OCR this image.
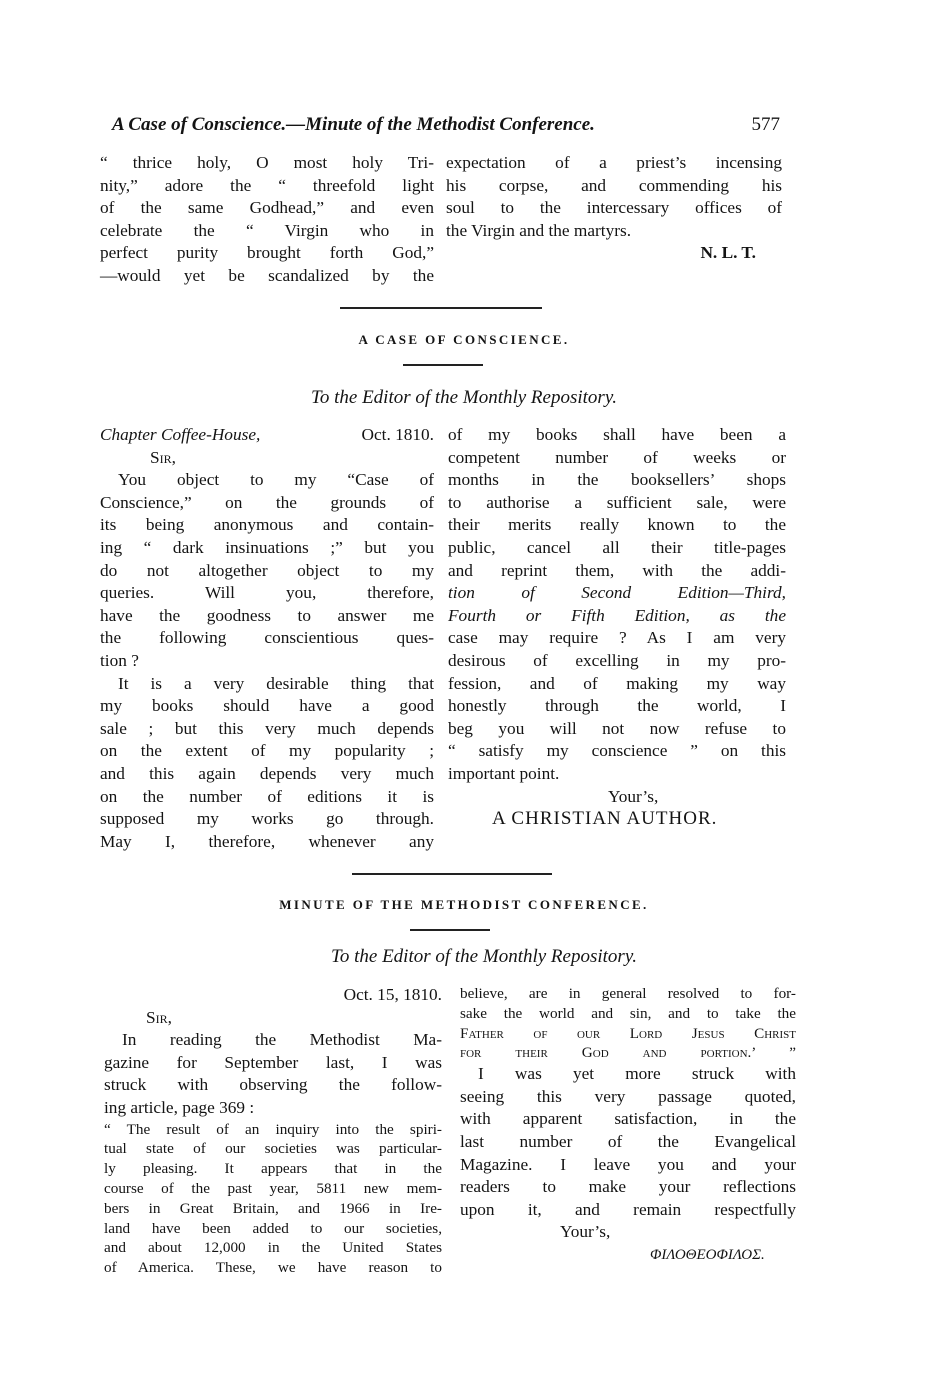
A Case of Conscience.—Minute of the Methodist Conference.	577
“ thrice holy, O most holy Tri-
nity,” adore the “ threefold light
of the same Godhead,” and even
celebrate the “ Virgin who in
perfect purity brought forth God,”
—would yet be scandalized by the
expectation of a priest’s incensing
his corpse, and commending his
soul to the intercessary offices of
the Virgin and the martyrs.
N. L. T.
A CASE OF CONSCIENCE.
To the Editor of the Monthly Repository.
Chapter Coffee-House,	Oct. 1810.
Sir,
You object to my “Case of
Conscience,” on the grounds of
its being anonymous and contain-
ing “ dark insinuations ;” but you
do not altogether object to my
queries. Will you, therefore,
have the goodness to answer me
the following conscientious ques-
tion ?
It is a very desirable thing that
my books should have a good
sale ; but this very much depends
on the extent of my popularity ;
and this again depends very much
on the number of editions it is
supposed my works go through.
May I, therefore, whenever any
of my books shall have been a
competent number of weeks or
months in the booksellers’ shops
to authorise a sufficient sale, were
their merits really known to the
public, cancel all their title-pages
and reprint them, with the addi-
tion of Second Edition—Third,
Fourth or Fifth Edition, as the
case may require ? As I am very
desirous of excelling in my pro-
fession, and of making my way
honestly through the world, I
beg you will not now refuse to
“ satisfy my conscience ” on this
important point.
Your’s,
A CHRISTIAN AUTHOR.
MINUTE OF THE METHODIST CONFERENCE.
To the Editor of the Monthly Repository.
Oct. 15, 1810.
Sir,
In reading the Methodist Ma-
gazine for September last, I was
struck with observing the follow-
ing article, page 369 :
“ The result of an inquiry into the spiri-
tual state of our societies was particular-
ly pleasing. It appears that in the
course of the past year, 5811 new mem-
bers in Great Britain, and 1966 in Ire-
land have been added to our societies,
and about 12,000 in the United States
of America. These, we have reason to
believe, are in general resolved to for-
sake the world and sin, and to take the
Father of our Lord Jesus Christ
for their God and portion.’ ”
I was yet more struck with
seeing this very passage quoted,
with apparent satisfaction, in the
last number of the Evangelical
Magazine. I leave you and your
readers to make your reflections
upon it, and remain respectfully
Your’s,
ΦΙΛΟΘΕΟΦΙΛΟΣ.
